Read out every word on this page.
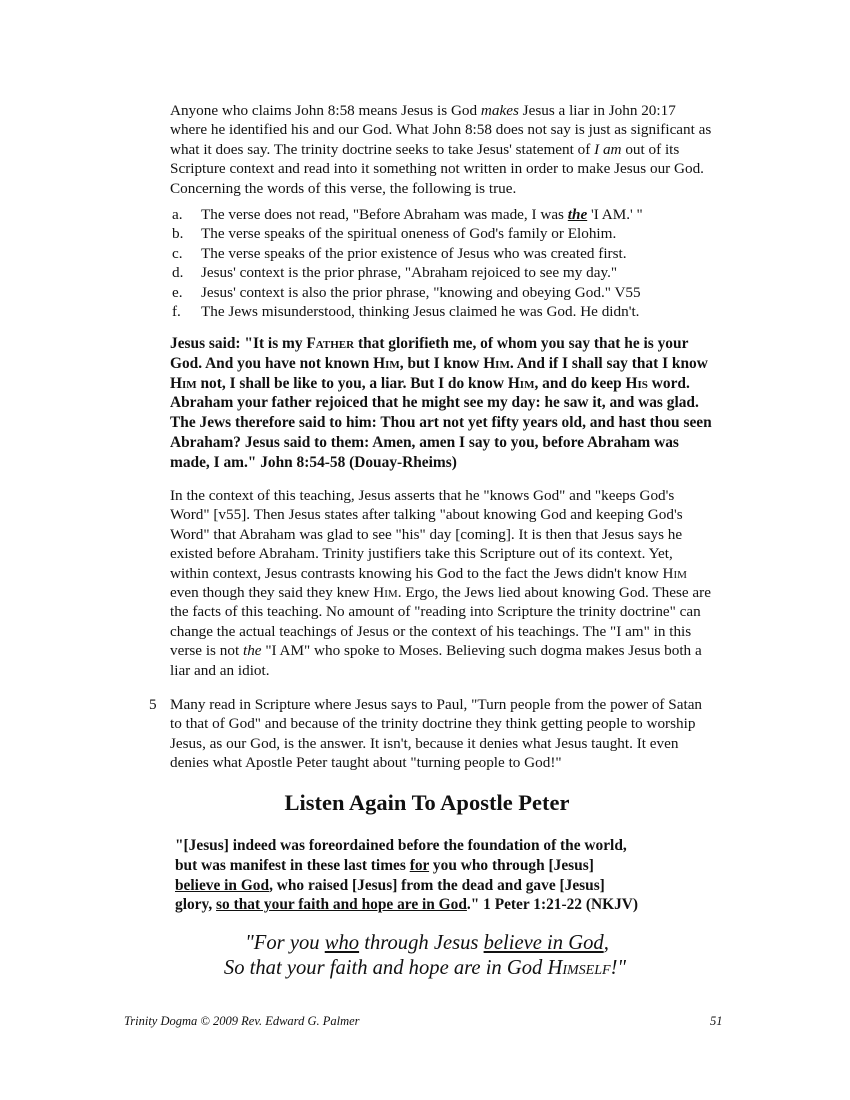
Anyone who claims John 8:58 means Jesus is God makes Jesus a liar in John 20:17 where he identified his and our God. What John 8:58 does not say is just as significant as what it does say. The trinity doctrine seeks to take Jesus' statement of I am out of its Scripture context and read into it something not written in order to make Jesus our God. Concerning the words of this verse, the following is true.

a. The verse does not read, "Before Abraham was made, I was the 'I AM.' "
b. The verse speaks of the spiritual oneness of God's family or Elohim.
c. The verse speaks of the prior existence of Jesus who was created first.
d. Jesus' context is the prior phrase, "Abraham rejoiced to see my day."
e. Jesus' context is also the prior phrase, "knowing and obeying God." V55
f. The Jews misunderstood, thinking Jesus claimed he was God. He didn't.

Jesus said: "It is my Father that glorifieth me, of whom you say that he is your God. And you have not known Him, but I know Him. And if I shall say that I know Him not, I shall be like to you, a liar. But I do know Him, and do keep His word. Abraham your father rejoiced that he might see my day: he saw it, and was glad. The Jews therefore said to him: Thou art not yet fifty years old, and hast thou seen Abraham? Jesus said to them: Amen, amen I say to you, before Abraham was made, I am." John 8:54-58 (Douay-Rheims)

In the context of this teaching, Jesus asserts that he "knows God" and "keeps God's Word" [v55]. Then Jesus states after talking "about knowing God and keeping God's Word" that Abraham was glad to see "his" day [coming]. It is then that Jesus says he existed before Abraham. Trinity justifiers take this Scripture out of its context. Yet, within context, Jesus contrasts knowing his God to the fact the Jews didn't know Him even though they said they knew Him. Ergo, the Jews lied about knowing God. These are the facts of this teaching. No amount of "reading into Scripture the trinity doctrine" can change the actual teachings of Jesus or the context of his teachings. The "I am" in this verse is not the "I AM" who spoke to Moses. Believing such dogma makes Jesus both a liar and an idiot.

5 Many read in Scripture where Jesus says to Paul, "Turn people from the power of Satan to that of God" and because of the trinity doctrine they think getting people to worship Jesus, as our God, is the answer. It isn't, because it denies what Jesus taught. It even denies what Apostle Peter taught about "turning people to God!"

Listen Again To Apostle Peter
"[Jesus] indeed was foreordained before the foundation of the world,
but was manifest in these last times for you who through [Jesus]
believe in God, who raised [Jesus] from the dead and gave [Jesus]
glory, so that your faith and hope are in God." 1 Peter 1:21-22 (NKJV)
"For you who through Jesus believe in God,
So that your faith and hope are in God Himself!"
Trinity Dogma © 2009 Rev. Edward G. Palmer	51
